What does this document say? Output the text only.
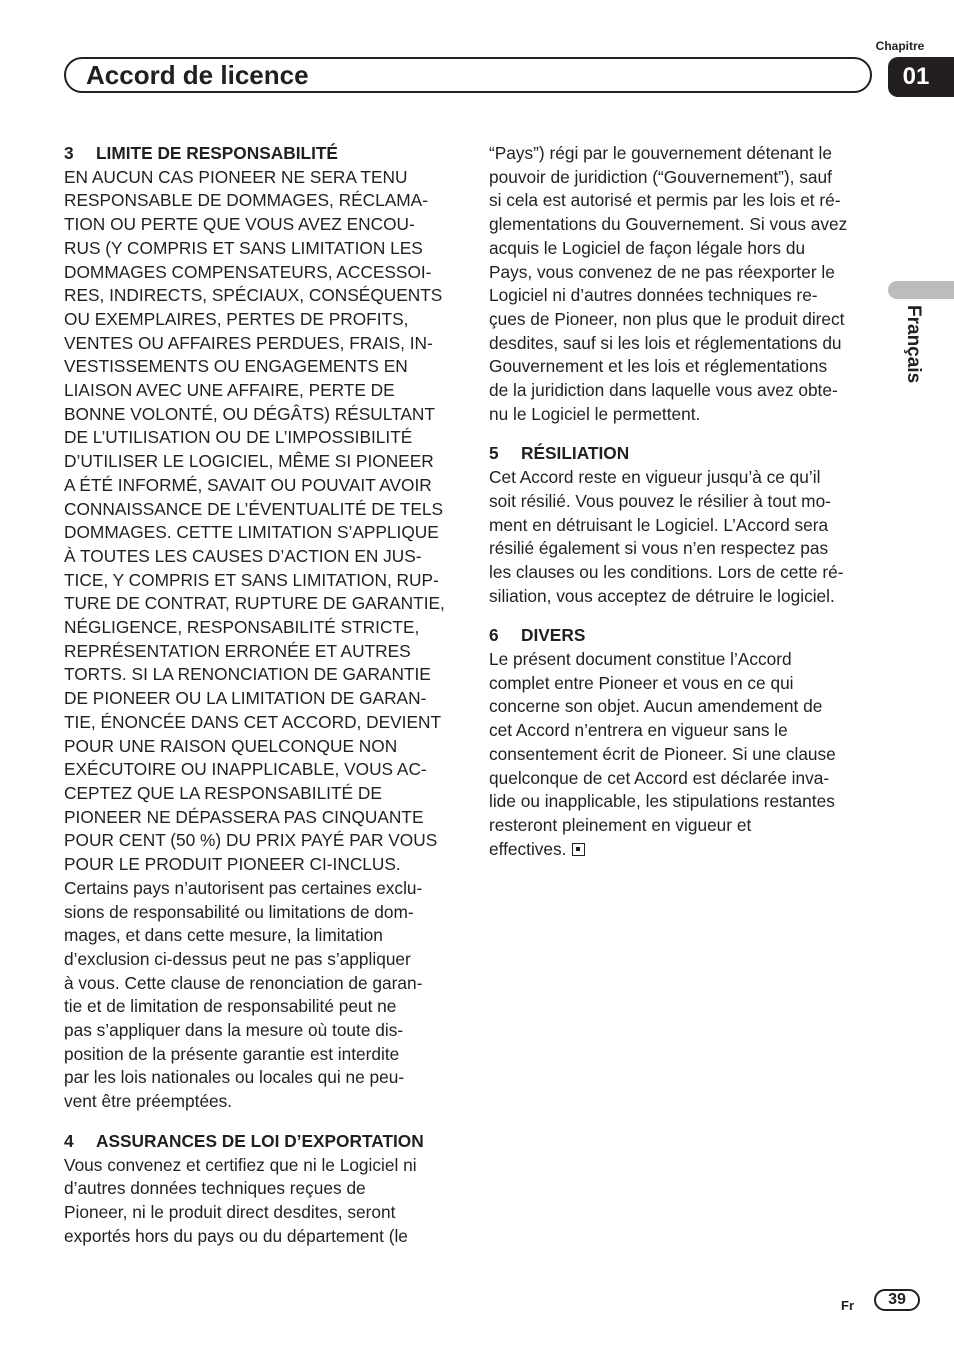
Chapitre
Accord de licence	01
Français

3 LIMITE DE RESPONSABILITÉ

EN AUCUN CAS PIONEER NE SERA TENU
RESPONSABLE DE DOMMAGES, RÉCLAMA-
TION OU PERTE QUE VOUS AVEZ ENCOU-
RUS (Y COMPRIS ET SANS LIMITATION LES
DOMMAGES COMPENSATEURS, ACCESSOI-
RES, INDIRECTS, SPÉCIAUX, CONSÉQUENTS
OU EXEMPLAIRES, PERTES DE PROFITS,
VENTES OU AFFAIRES PERDUES, FRAIS, IN-
VESTISSEMENTS OU ENGAGEMENTS EN
LIAISON AVEC UNE AFFAIRE, PERTE DE
BONNE VOLONTÉ, OU DÉGÂTS) RÉSULTANT
DE L’UTILISATION OU DE L’IMPOSSIBILITÉ
D’UTILISER LE LOGICIEL, MÊME SI PIONEER
A ÉTÉ INFORMÉ, SAVAIT OU POUVAIT AVOIR
CONNAISSANCE DE L’ÉVENTUALITÉ DE TELS
DOMMAGES. CETTE LIMITATION S’APPLIQUE
À TOUTES LES CAUSES D’ACTION EN JUS-
TICE, Y COMPRIS ET SANS LIMITATION, RUP-
TURE DE CONTRAT, RUPTURE DE GARANTIE,
NÉGLIGENCE, RESPONSABILITÉ STRICTE,
REPRÉSENTATION ERRONÉE ET AUTRES
TORTS. SI LA RENONCIATION DE GARANTIE
DE PIONEER OU LA LIMITATION DE GARAN-
TIE, ÉNONCÉE DANS CET ACCORD, DEVIENT
POUR UNE RAISON QUELCONQUE NON
EXÉCUTOIRE OU INAPPLICABLE, VOUS AC-
CEPTEZ QUE LA RESPONSABILITÉ DE
PIONEER NE DÉPASSERA PAS CINQUANTE
POUR CENT (50 %) DU PRIX PAYÉ PAR VOUS
POUR LE PRODUIT PIONEER CI-INCLUS.

Certains pays n’autorisent pas certaines exclu-
sions de responsabilité ou limitations de dom-
mages, et dans cette mesure, la limitation
d’exclusion ci-dessus peut ne pas s’appliquer
à vous. Cette clause de renonciation de garan-
tie et de limitation de responsabilité peut ne
pas s’appliquer dans la mesure où toute dis-
position de la présente garantie est interdite
par les lois nationales ou locales qui ne peu-
vent être préemptées.

4 ASSURANCES DE LOI D’EXPORTATION

Vous convenez et certifiez que ni le Logiciel ni
d’autres données techniques reçues de
Pioneer, ni le produit direct desdites, seront
exportés hors du pays ou du département (le

“Pays”) régi par le gouvernement détenant le
pouvoir de juridiction (“Gouvernement”), sauf
si cela est autorisé et permis par les lois et ré-
glementations du Gouvernement. Si vous avez
acquis le Logiciel de façon légale hors du
Pays, vous convenez de ne pas réexporter le
Logiciel ni d’autres données techniques re-
çues de Pioneer, non plus que le produit direct
desdites, sauf si les lois et réglementations du
Gouvernement et les lois et réglementations
de la juridiction dans laquelle vous avez obte-
nu le Logiciel le permettent.

5 RÉSILIATION

Cet Accord reste en vigueur jusqu’à ce qu’il
soit résilié. Vous pouvez le résilier à tout mo-
ment en détruisant le Logiciel. L’Accord sera
résilié également si vous n’en respectez pas
les clauses ou les conditions. Lors de cette ré-
siliation, vous acceptez de détruire le logiciel.

6 DIVERS

Le présent document constitue l’Accord
complet entre Pioneer et vous en ce qui
concerne son objet. Aucun amendement de
cet Accord n’entrera en vigueur sans le
consentement écrit de Pioneer. Si une clause
quelconque de cet Accord est déclarée inva-
lide ou inapplicable, les stipulations restantes
resteront pleinement en vigueur et
effectives.

Fr	39
